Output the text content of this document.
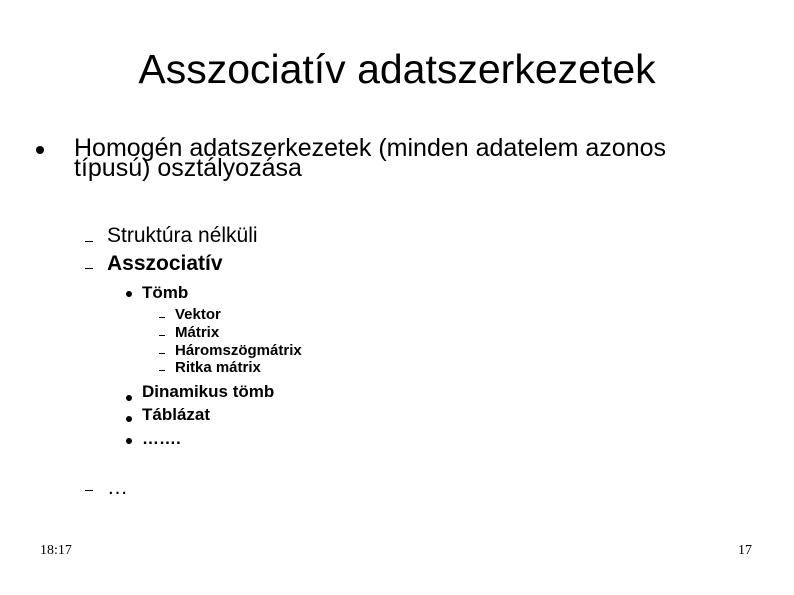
Asszociatív adatszerkezetek
Homogén adatszerkezetek (minden adatelem azonos
típusú) osztályozása
Struktúra nélküli
Asszociatív
Tömb
Vektor
Mátrix
Háromszögmátrix
Ritka mátrix
Dinamikus tömb
Táblázat
…….
…
18:17	17
